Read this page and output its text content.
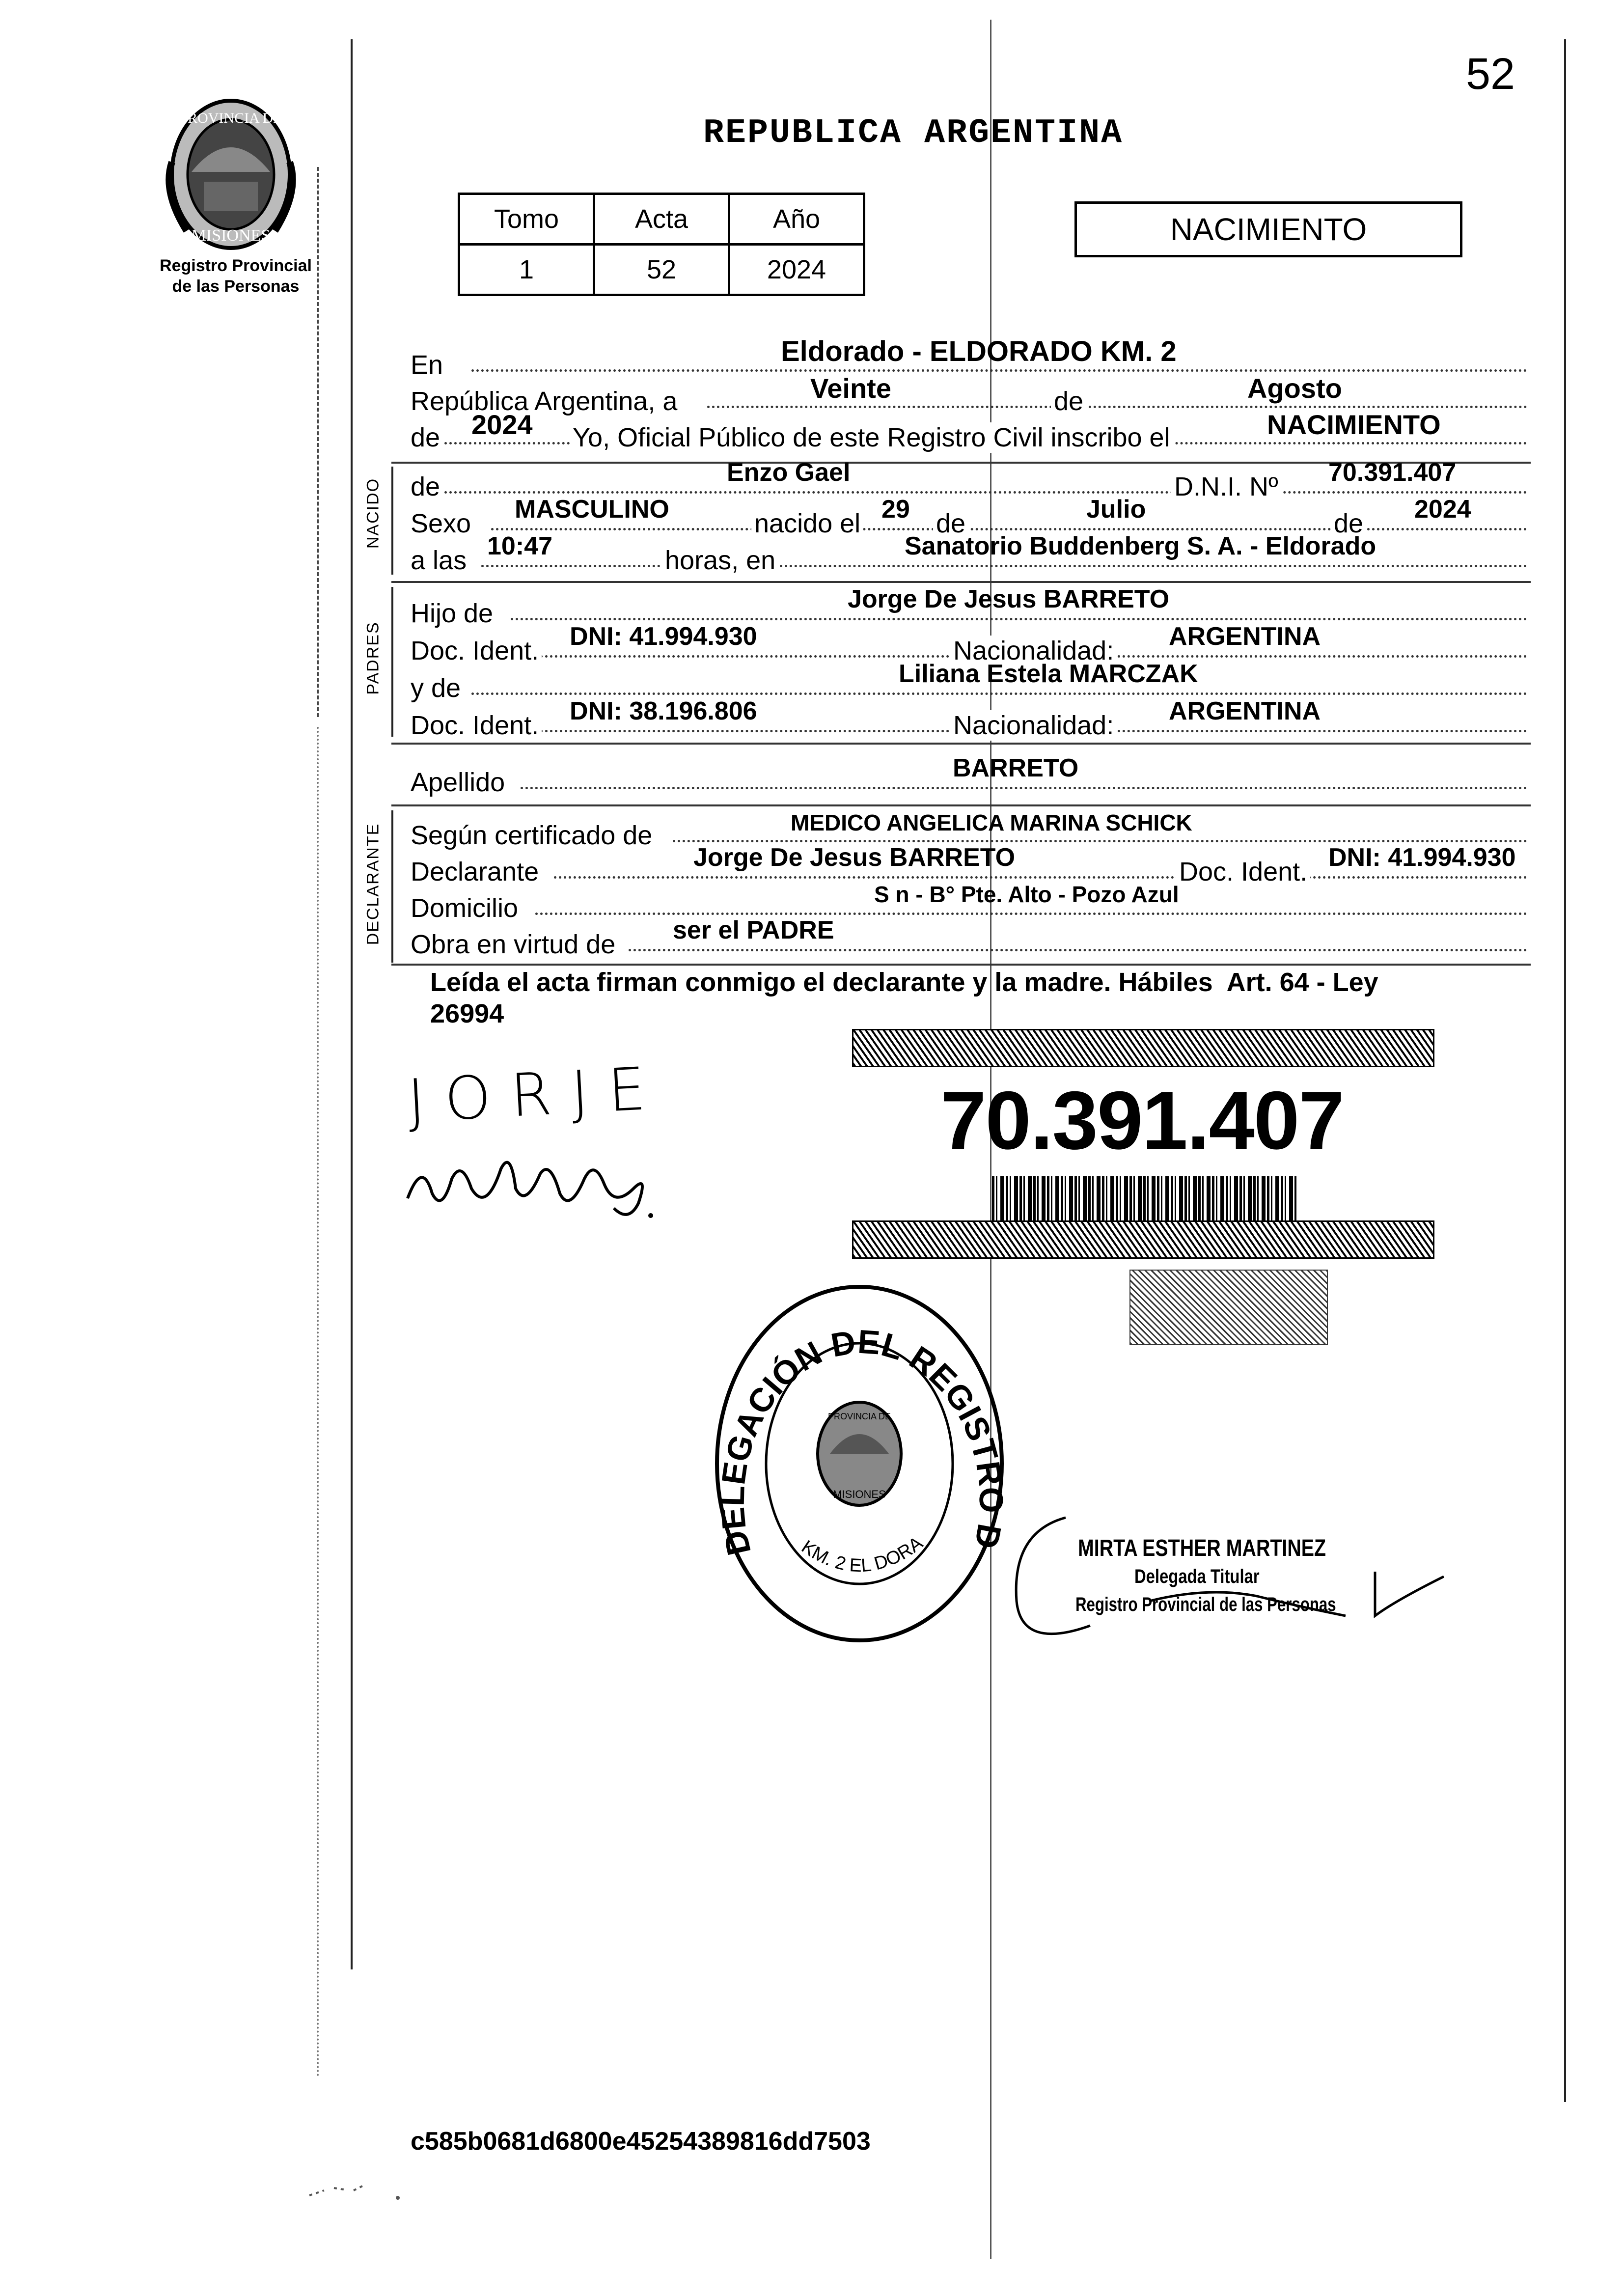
52
PROVINCIA DE
MISIONES
Registro Provincial
de las Personas
REPUBLICA ARGENTINA
Tomo	Acta	Año
1	52	2024
NACIMIENTO
NACIDO
PADRES
DECLARANTE
En	Eldorado - ELDORADO KM. 2
República Argentina, a	Veinte	de	Agosto
de 2024 Yo, Oficial Público de este Registro Civil inscribo el	NACIMIENTO
de	Enzo Gael	D.N.I. Nº 70.391.407
Sexo MASCULINO	nacido el 29 de	Julio	de 2024
a las 10:47	horas, en	Sanatorio Buddenberg S. A. - Eldorado
Hijo de	Jorge De Jesus BARRETO
Doc. Ident. DNI: 41.994.930	Nacionalidad: ARGENTINA
y de	Liliana Estela MARCZAK
Doc. Ident. DNI: 38.196.806	Nacionalidad: ARGENTINA
Apellido	BARRETO
Según certificado de	MEDICO ANGELICA MARINA SCHICK
Declarante	Jorge De Jesus BARRETO	Doc. Ident. DNI: 41.994.930
Domicilio	S n - B° Pte. Alto - Pozo Azul
Obra en virtud de ser el PADRE
Leída el acta firman conmigo el declarante y la madre. Hábiles  Art. 64 - Ley
26994
70.391.407
JORJE
DELEGACIÓN DEL REGISTRO D
KM. 2 EL DORA
PROVINCIA DE
MISIONES
MIRTA ESTHER MARTINEZ
Delegada Titular
Registro Provincial de las Personas
c585b0681d6800e45254389816dd7503
